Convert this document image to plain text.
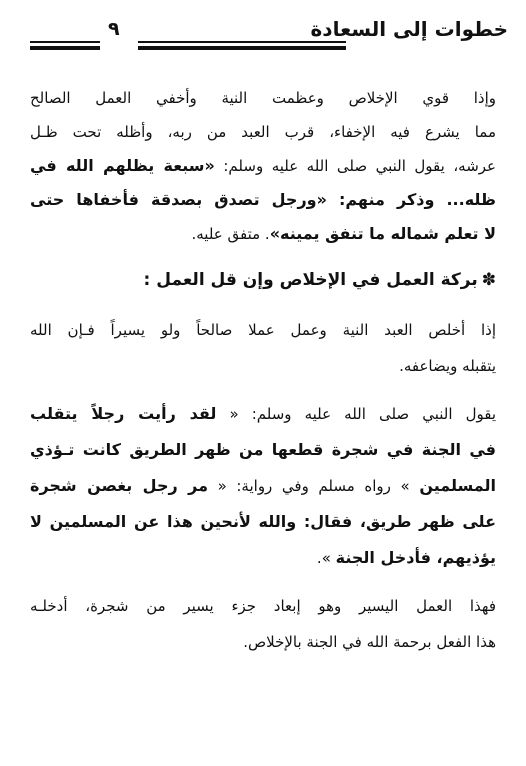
خطوات إلى السعادة
٩
وإذا قوي الإخلاص وعظمت النية وأخفي العمل الصالح
مما يشرع فيه الإخفاء، قرب العبد من ربه، وأظله تحت ظـل
عرشه، يقول النبي صلى الله عليه وسلم: «سبعة يظلهم الله في
ظله... وذكر منهم: «ورجل تصدق بصدقة فأخفاها حتى
لا تعلم شماله ما تنفق يمينه». متفق عليه.
✽بركة العمل في الإخلاص وإن قل العمل :
إذا أخلص العبد النية وعمل عملا صالحاً ولو يسيراً فـإن الله
يتقبله ويضاعفه.
يقول النبي صلى الله عليه وسلم: « لقد رأيت رجلاً يتقلب
في الجنة في شجرة قطعها من ظهر الطريق كانت تـؤذي
المسلمين » رواه مسلم وفي رواية: « مر رجل بغصن شجرة
على ظهر طريق، فقال: والله لأنحين هذا عن المسلمين لا
يؤذيهم، فأدخل الجنة ».
فهذا العمل اليسير وهو إبعاد جزء يسير من شجرة، أدخلـه
هذا الفعل برحمة الله في الجنة بالإخلاص.
